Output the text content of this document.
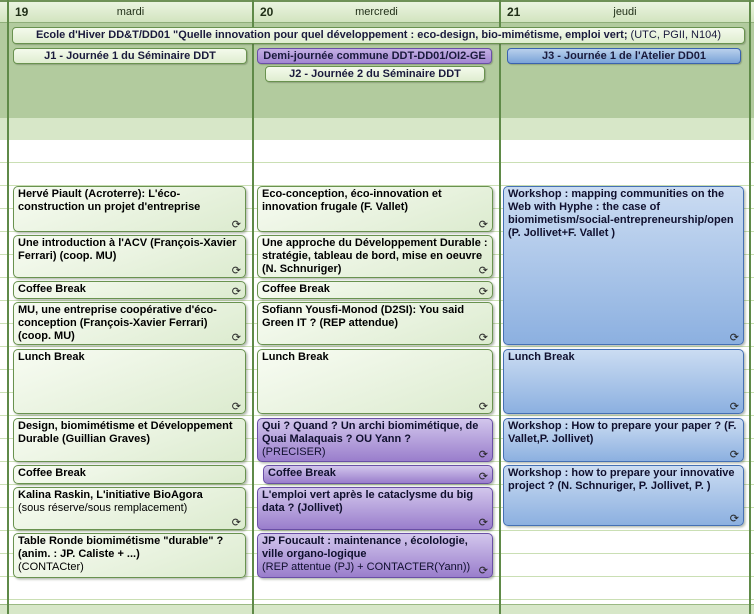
19	mardi	20	mercredi	21	jeudi
Ecole d'Hiver DD&T/DD01 "Quelle innovation pour quel développement : eco-design, bio-mimétisme, emploi vert; (UTC, PGII, N104)
J1 - Journée 1 du Séminaire DDT	Demi-journée commune DDT-DD01/OI2-GE	J3 - Journée 1 de l'Atelier DD01
J2 - Journée 2 du Séminaire DDT
Hervé Piault (Acroterre): L'éco-construction un projet d'entreprise
⟳
Une introduction à l'ACV (François-Xavier Ferrari) (coop. MU)
⟳
Coffee Break	⟳
MU, une entreprise coopérative d'éco-conception (François-Xavier Ferrari) (coop. MU)	⟳
Lunch Break
⟳
Design, biomimétisme et Développement Durable (Guillian Graves)
Coffee Break
Kalina Raskin, L'initiative BioAgora
(sous réserve/sous remplacement)
⟳
Table Ronde biomimétisme "durable" ?
(anim. : JP. Caliste + ...)
(CONTACter)
Eco-conception, éco-innovation et innovation frugale (F. Vallet)
⟳
Une approche du Développement Durable : stratégie, tableau de bord, mise en oeuvre (N. Schnuriger)	⟳
Coffee Break	⟳
Sofiann Yousfi-Monod (D2SI): You said Green IT ? (REP attendue)
⟳
Lunch Break
⟳
Qui ? Quand ? Un archi biomimétique, de Quai Malaquais ? OU Yann ?
(PRECISER)	⟳
Coffee Break	⟳
L'emploi vert après le cataclysme du big data ? (Jollivet)
⟳
JP Foucault : maintenance , écolologie, ville organo-logique
(REP attentue (PJ) + CONTACTER(Yann)) ⟳
Workshop : mapping communities on the Web with Hyphe : the case of biomimetism/social-entrepreneurship/open (P. Jollivet+F. Vallet )
⟳
Lunch Break
⟳
Workshop : How to prepare your paper ? (F. Vallet,P. Jollivet)
⟳
Workshop : how to prepare your innovative project ? (N. Schnuriger, P. Jollivet, P. )
⟳
